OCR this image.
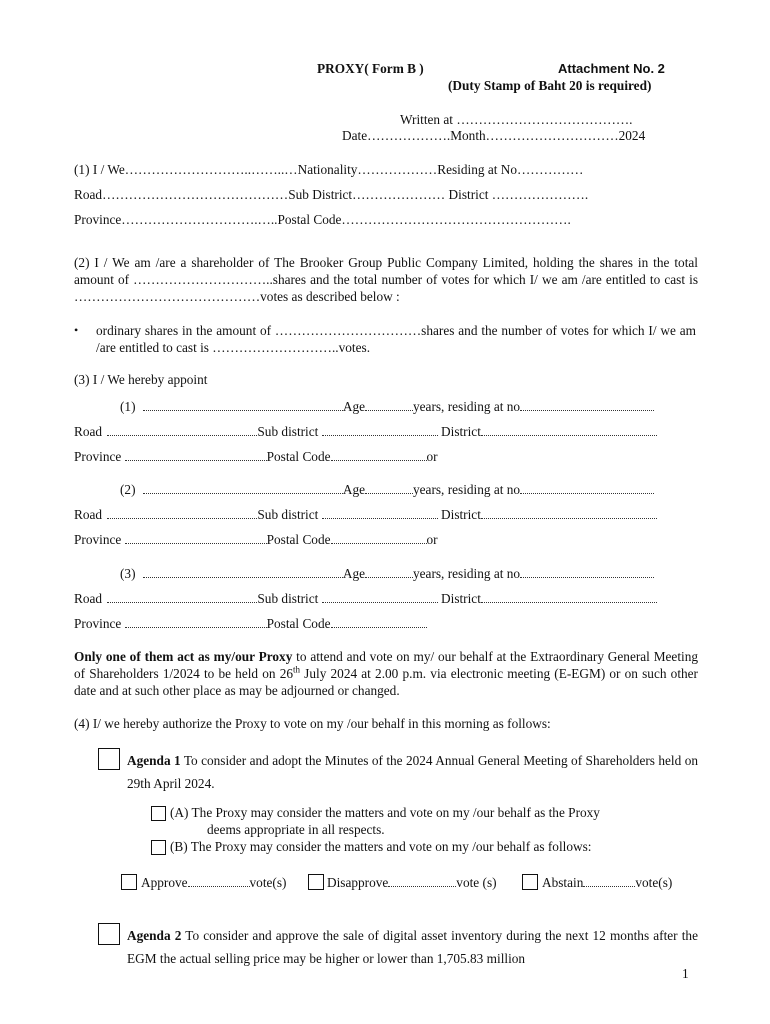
PROXY( Form B )	Attachment No. 2
(Duty Stamp of Baht 20 is required)
Written at ………………………………….
Date……………….Month…………………………2024
(1) I / We………………………..……..…Nationality………………Residing at No……………
Road……………………………………Sub District………………… District ………………….
Province………………………….…..Postal Code…………………………………………….
(2) I / We am /are a shareholder of The Brooker Group Public Company Limited, holding the shares in the total amount of …………………………..shares and the total number of votes for which I/ we am /are entitled to cast is ……………………………………votes as described below :
• ordinary shares in the amount of ……………………………shares and the number of votes for which I/ we am /are entitled to cast is ………………………..votes.
(3) I / We hereby appoint
(1)	Age	years, residing at no
Road	Sub district	District
Province	Postal Code	or
(2)	Age	years, residing at no
Road	Sub district	District
Province	Postal Code	or
(3)	Age	years, residing at no
Road	Sub district	District
Province	Postal Code
Only one of them act as my/our Proxy to attend and vote on my/ our behalf at the Extraordinary General Meeting of Shareholders 1/2024 to be held on 26th July 2024 at 2.00 p.m. via electronic meeting (E-EGM) or on such other date and at such other place as may be adjourned or changed.
(4) I/ we hereby authorize the Proxy to vote on my /our behalf in this morning as follows:
Agenda 1 To consider and adopt the Minutes of the 2024 Annual General Meeting of Shareholders held on 29th April 2024.
(A) The Proxy may consider the matters and vote on my /our behalf as the Proxy
deems appropriate in all respects.
(B) The Proxy may consider the matters and vote on my /our behalf as follows:
Approve	vote(s)	Disapprove	vote (s)	Abstain	vote(s)
Agenda 2 To consider and approve the sale of digital asset inventory during the next 12 months after the EGM the actual selling price may be higher or lower than 1,705.83 million
1
